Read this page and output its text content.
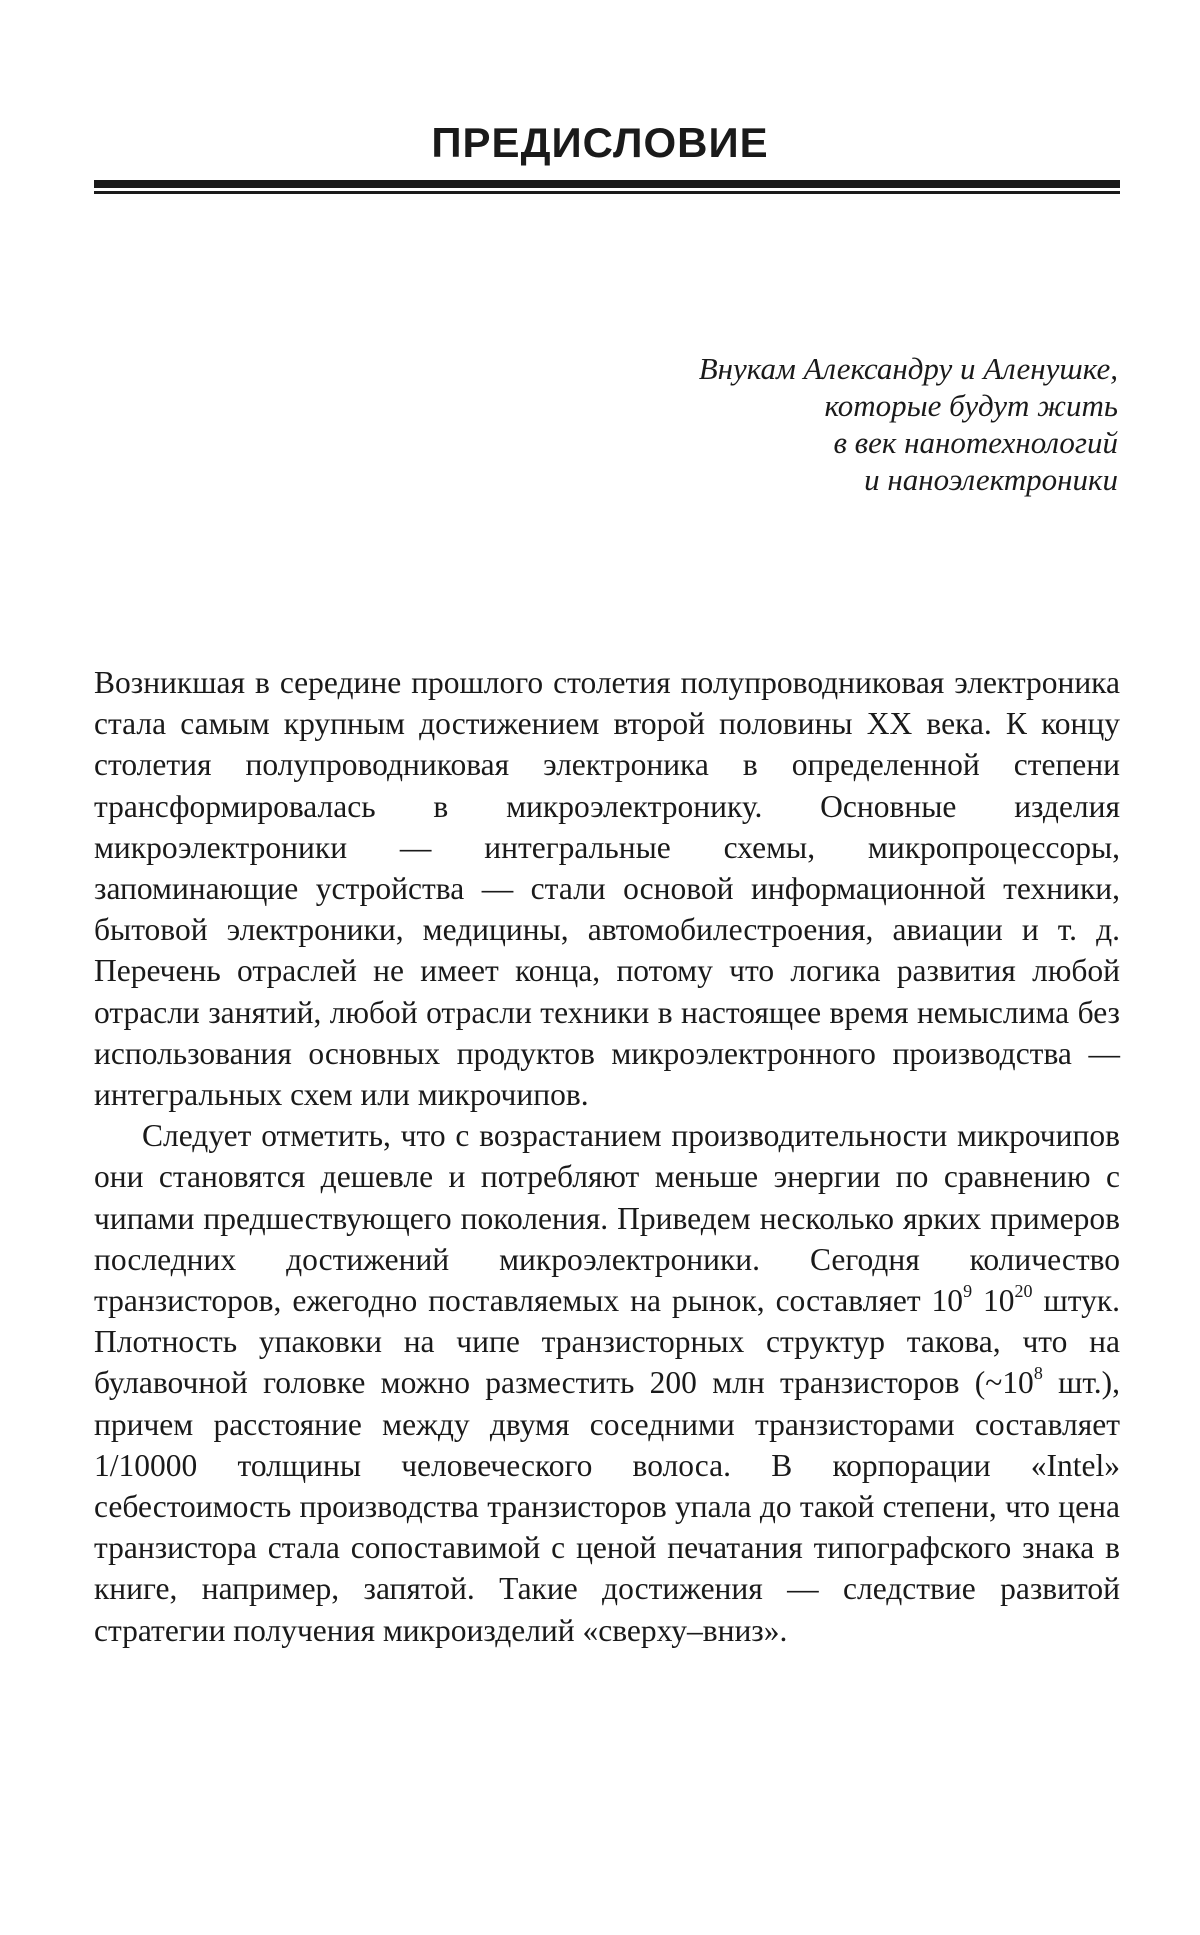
ПРЕДИСЛОВИЕ
Внукам Александру и Аленушке,
которые будут жить
в век нанотехнологий
и наноэлектроники

Возникшая в середине прошлого столетия полупроводниковая электроника стала самым крупным достижением второй половины XX века. К концу столетия полупроводниковая электроника в определенной степени трансформировалась в микроэлектронику. Основные изделия микроэлектроники — интегральные схемы, микропроцессоры, запоминающие устройства — стали основой информационной техники, бытовой электроники, медицины, автомобилестроения, авиации и т. д. Перечень отраслей не имеет конца, потому что логика развития любой отрасли занятий, любой отрасли техники в настоящее время немыслима без использования основных продуктов микроэлектронного производства — интегральных схем или микрочипов.

Следует отметить, что с возрастанием производительности микрочипов они становятся дешевле и потребляют меньше энергии по сравнению с чипами предшествующего поколения. Приведем несколько ярких примеров последних достижений микроэлектроники. Сегодня количество транзисторов, ежегодно поставляемых на рынок, составляет $10^9$ $10^{20}$ штук. Плотность упаковки на чипе транзисторных структур такова, что на булавочной головке можно разместить 200 млн транзисторов ($\sim 10^8$ шт.), причем расстояние между двумя соседними транзисторами составляет 1/10000 толщины человеческого волоса. В корпорации «Intel» себестоимость производства транзисторов упала до такой степени, что цена транзистора стала сопоставимой с ценой печатания типографского знака в книге, например, запятой. Такие достижения — следствие развитой стратегии получения микроизделий «сверху–вниз».
